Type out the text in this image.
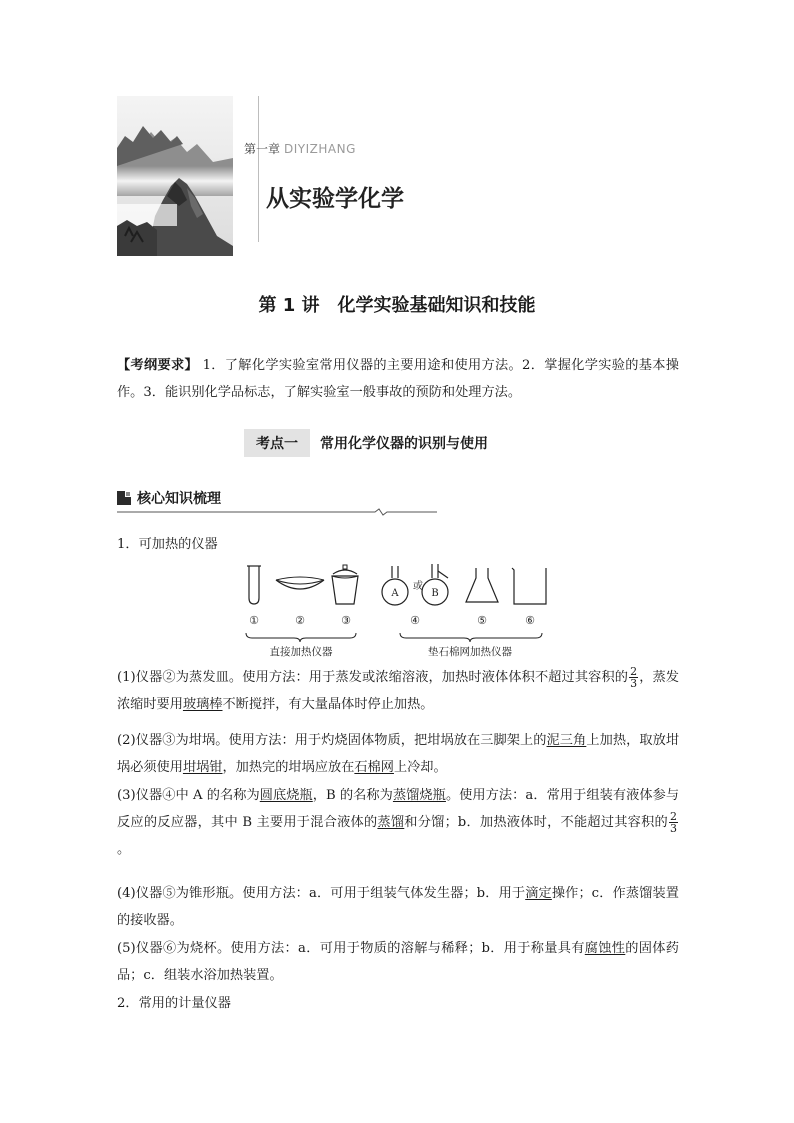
第一章 DIYIZHANG
从实验学化学
第 1 讲　化学实验基础知识和技能
【考纲要求】 1．了解化学实验室常用仪器的主要用途和使用方法。2．掌握化学实验的基本操作。3．能识别化学品标志，了解实验室一般事故的预防和处理方法。
考点一	常用化学仪器的识别与使用
核心知识梳理
1．可加热的仪器
A
或
B
①	②	③	④	⑤	⑥
直接加热仪器	垫石棉网加热仪器
(1)仪器②为蒸发皿。使用方法：用于蒸发或浓缩溶液，加热时液体体积不超过其容积的 $\frac{2}{3}$ ，蒸发浓缩时要用玻璃棒不断搅拌，有大量晶体时停止加热。
(2)仪器③为坩埚。使用方法：用于灼烧固体物质，把坩埚放在三脚架上的泥三角上加热，取放坩埚必须使用坩埚钳，加热完的坩埚应放在石棉网上冷却。
(3)仪器④中 A 的名称为圆底烧瓶，B 的名称为蒸馏烧瓶。使用方法：a．常用于组装有液体参与反应的反应器，其中 B 主要用于混合液体的蒸馏和分馏；b．加热液体时，不能超过其容积的 $\frac{2}{3}$
。
(4)仪器⑤为锥形瓶。使用方法：a．可用于组装气体发生器；b．用于滴定操作；c．作蒸馏装置的接收器。
(5)仪器⑥为烧杯。使用方法：a．可用于物质的溶解与稀释；b．用于称量具有腐蚀性的固体药品；c．组装水浴加热装置。
2．常用的计量仪器
